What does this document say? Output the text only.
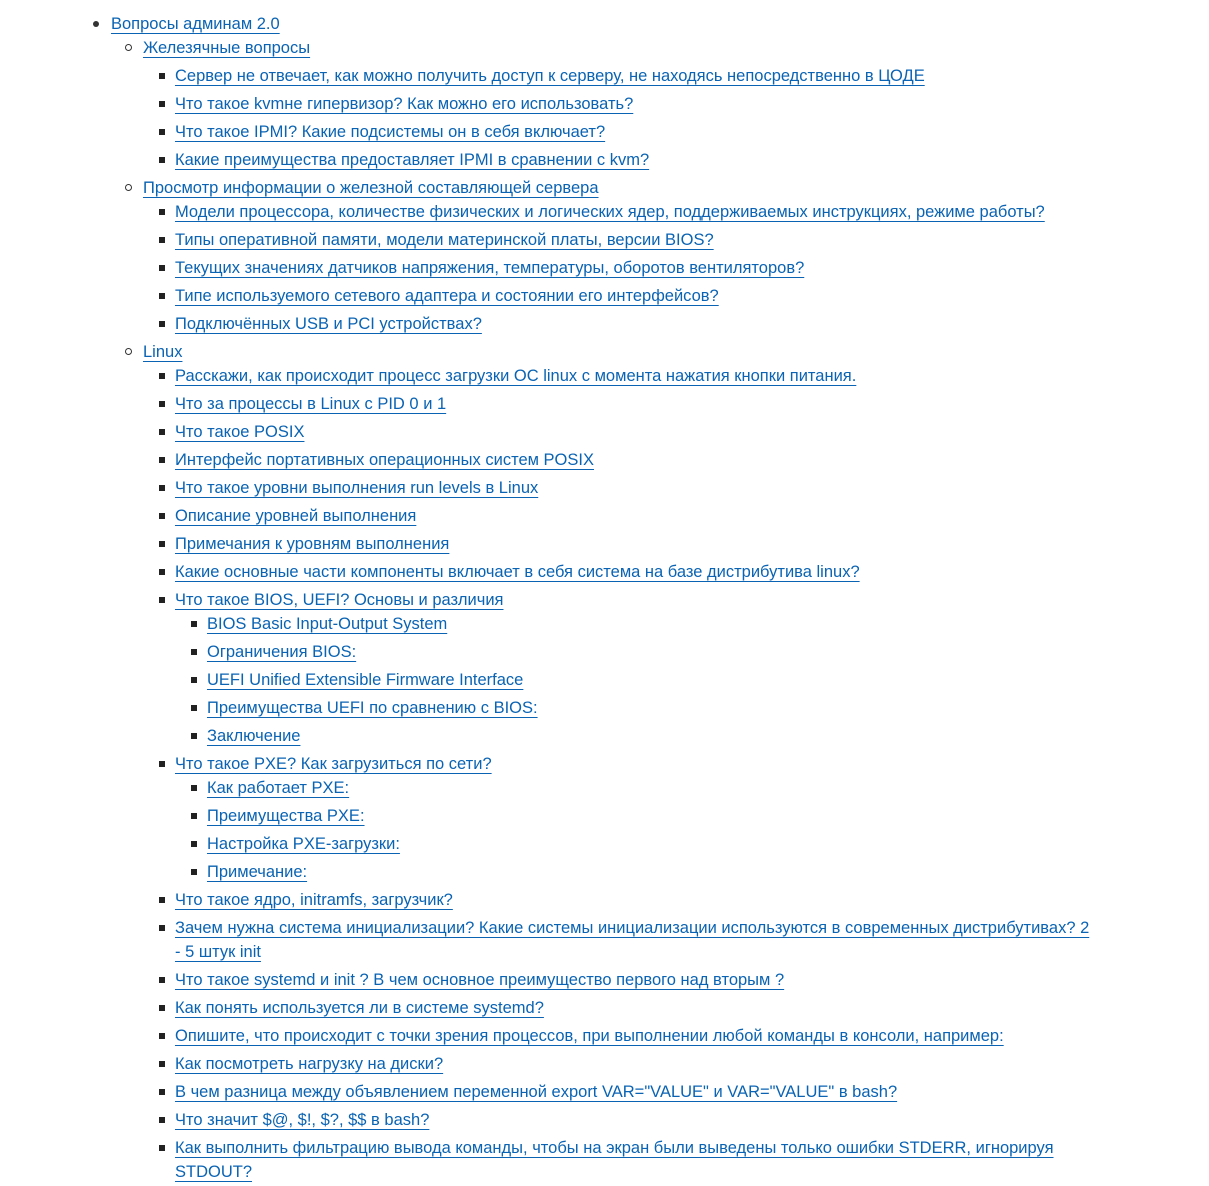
Вопросы админам 2.0
Железячные вопросы
Сервер не отвечает, как можно получить доступ к серверу, не находясь непосредственно в ЦОДЕ
Что такое kvmне гипервизор? Как можно его использовать?
Что такое IPMI? Какие подсистемы он в себя включает?
Какие преимущества предоставляет IPMI в сравнении с kvm?
Просмотр информации о железной составляющей сервера
Модели процессора, количестве физических и логических ядер, поддерживаемых инструкциях, режиме работы?
Типы оперативной памяти, модели материнской платы, версии BIOS?
Текущих значениях датчиков напряжения, температуры, оборотов вентиляторов?
Типе используемого сетевого адаптера и состоянии его интерфейсов?
Подключённых USB и PCI устройствах?
Linux
Расскажи, как происходит процесс загрузки ОС linux с момента нажатия кнопки питания.
Что за процессы в Linux с PID 0 и 1
Что такое POSIX
Интерфейс портативных операционных систем POSIX
Что такое уровни выполнения run levels в Linux
Описание уровней выполнения
Примечания к уровням выполнения
Какие основные части компоненты включает в себя система на базе дистрибутива linux?
Что такое BIOS, UEFI? Основы и различия
BIOS Basic Input-Output System
Ограничения BIOS:
UEFI Unified Extensible Firmware Interface
Преимущества UEFI по сравнению с BIOS:
Заключение
Что такое PXE? Как загрузиться по сети?
Как работает PXE:
Преимущества PXE:
Настройка PXE-загрузки:
Примечание:
Что такое ядро, initramfs, загрузчик?
Зачем нужна система инициализации? Какие системы инициализации используются в современных дистрибутивах? 2 - 5 штук init
Что такое systemd и init ? В чем основное преимущество первого над вторым ?
Как понять используется ли в системе systemd?
Опишите, что происходит с точки зрения процессов, при выполнении любой команды в консоли, например:
Как посмотреть нагрузку на диски?
В чем разница между объявлением переменной export VAR="VALUE" и VAR="VALUE" в bash?
Что значит $@, $!, $?, $$ в bash?
Как выполнить фильтрацию вывода команды, чтобы на экран были выведены только ошибки STDERR, игнорируя STDOUT?
